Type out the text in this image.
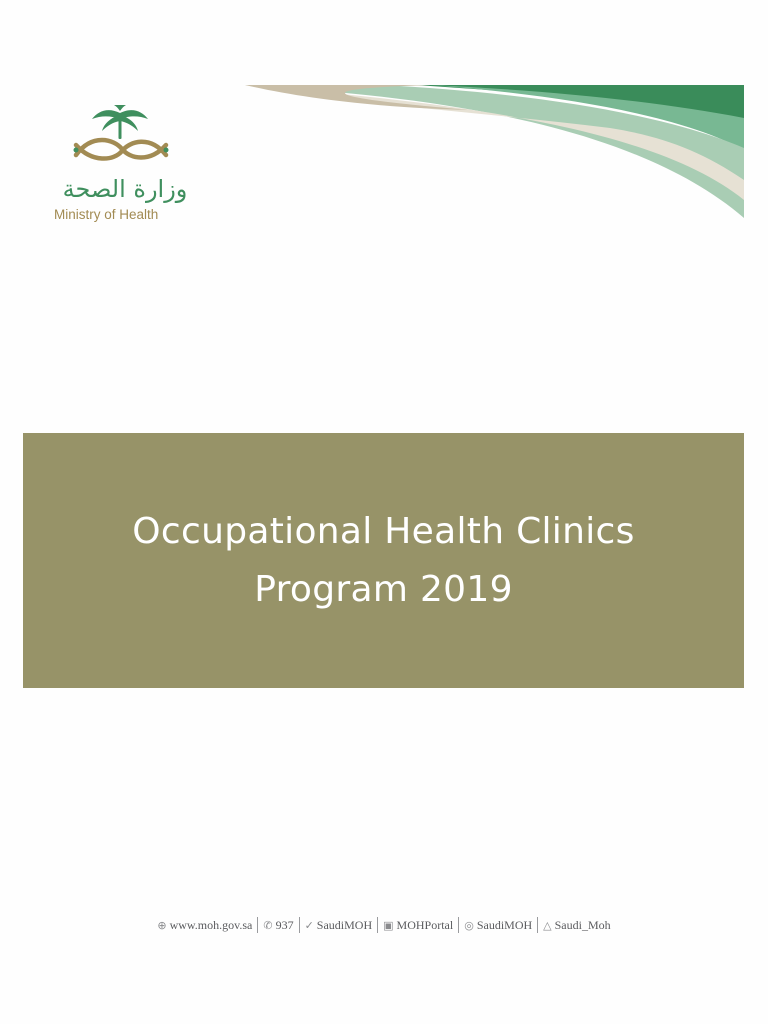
وزارة الصحة
Ministry of Health
Occupational Health Clinics
Program 2019
⊕ www.moh.gov.sa ✆ 937 ✓ SaudiMOH ▣ MOHPortal ◎ SaudiMOH △ Saudi_Moh
